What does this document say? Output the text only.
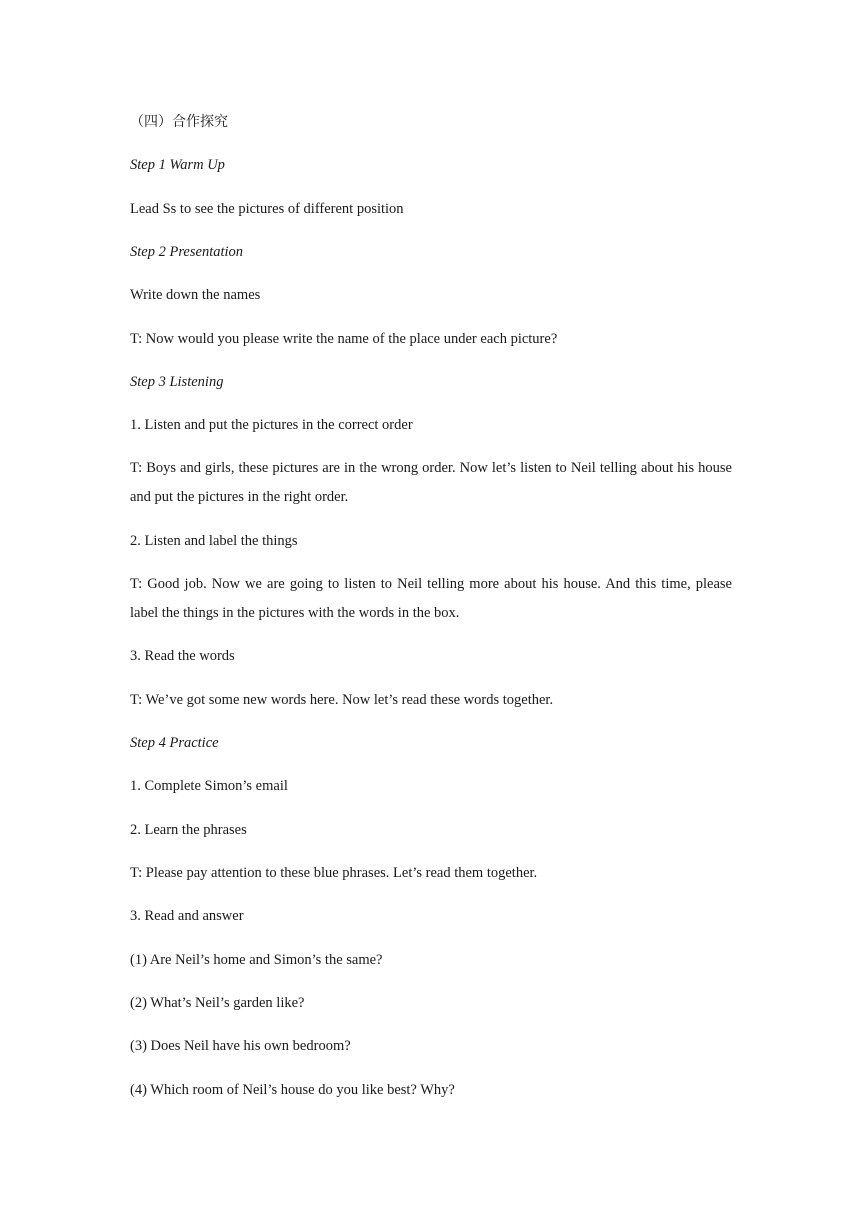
（四）合作探究
Step 1 Warm Up
Lead Ss to see the pictures of different position
Step 2 Presentation
Write down the names
T: Now would you please write the name of the place under each picture?
Step 3 Listening
1. Listen and put the pictures in the correct order
T: Boys and girls, these pictures are in the wrong order. Now let’s listen to Neil telling about his house and put the pictures in the right order.
2. Listen and label the things
T: Good job. Now we are going to listen to Neil telling more about his house. And this time, please label the things in the pictures with the words in the box.
3. Read the words
T: We’ve got some new words here. Now let’s read these words together.
Step 4 Practice
1. Complete Simon’s email
2. Learn the phrases
T: Please pay attention to these blue phrases. Let’s read them together.
3. Read and answer
(1) Are Neil’s home and Simon’s the same?
(2) What’s Neil’s garden like?
(3) Does Neil have his own bedroom?
(4) Which room of Neil’s house do you like best? Why?
